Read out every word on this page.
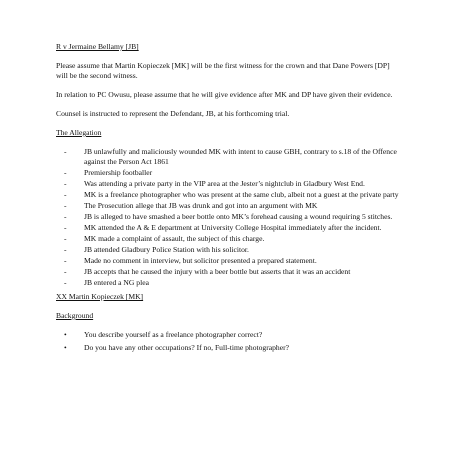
R v Jermaine Bellamy [JB]

Please assume that Martin Kopieczek [MK] will be the first witness for the crown and that Dane Powers [DP] will be the second witness.

In relation to PC Owusu, please assume that he will give evidence after MK and DP have given their evidence.

Counsel is instructed to represent the Defendant, JB, at his forthcoming trial.

The Allegation
- JB unlawfully and maliciously wounded MK with intent to cause GBH, contrary to s.18 of the Offence against the Person Act 1861
- Premiership footballer
- Was attending a private party in the VIP area at the Jester’s nightclub in Gladbury West End.
- MK is a freelance photographer who was present at the same club, albeit not a guest at the private party
- The Prosecution allege that JB was drunk and got into an argument with MK
- JB is alleged to have smashed a beer bottle onto MK’s forehead causing a wound requiring 5 stitches.
- MK attended the A & E department at University College Hospital immediately after the incident.
- MK made a complaint of assault, the subject of this charge.
- JB attended Gladbury Police Station with his solicitor.
- Made no comment in interview, but solicitor presented a prepared statement.
- JB accepts that he caused the injury with a beer bottle but asserts that it was an accident
- JB entered a NG plea
XX Martin Kopieczek [MK]
Background
• You describe yourself as a freelance photographer correct?
• Do you have any other occupations? If no, Full-time photographer?
